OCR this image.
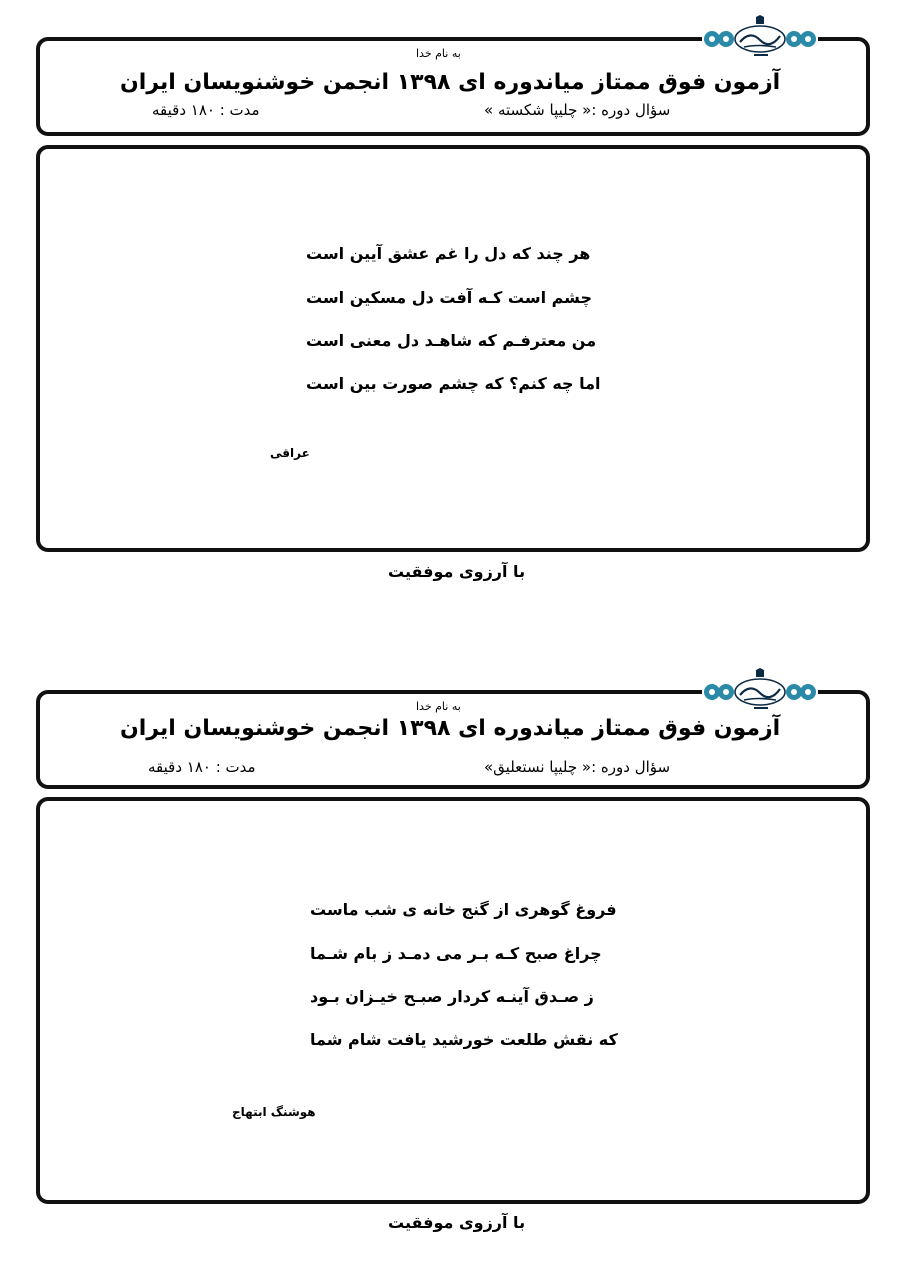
به نام خدا
آزمون فوق ممتاز میاندوره ای ۱۳۹۸ انجمن خوشنویسان ایران
سؤال دوره :« چلیپا شکسته »
مدت : ۱۸۰ دقیقه
هر چند که دل را غم عشق آیین است
چشم است کـه آفت دل مسکین است
من معترفـم که شاهـد دل معنی است
اما چه کنم؟ که چشم صورت بین است
عراقی
با آرزوی موفقیت
به نام خدا
آزمون فوق ممتاز میاندوره ای ۱۳۹۸ انجمن خوشنویسان ایران
سؤال دوره :« چلیپا نستعلیق»
مدت : ۱۸۰ دقیقه
فروغ گوهری از گنج خانه ی شب ماست
چراغ صبح کـه بـر می دمـد ز بام شـما
ز صـدق آینـه کردار صبـح خیـزان بـود
که نقش طلعت خورشید یافت شام شما
هوشنگ ابتهاج
با آرزوی موفقیت
